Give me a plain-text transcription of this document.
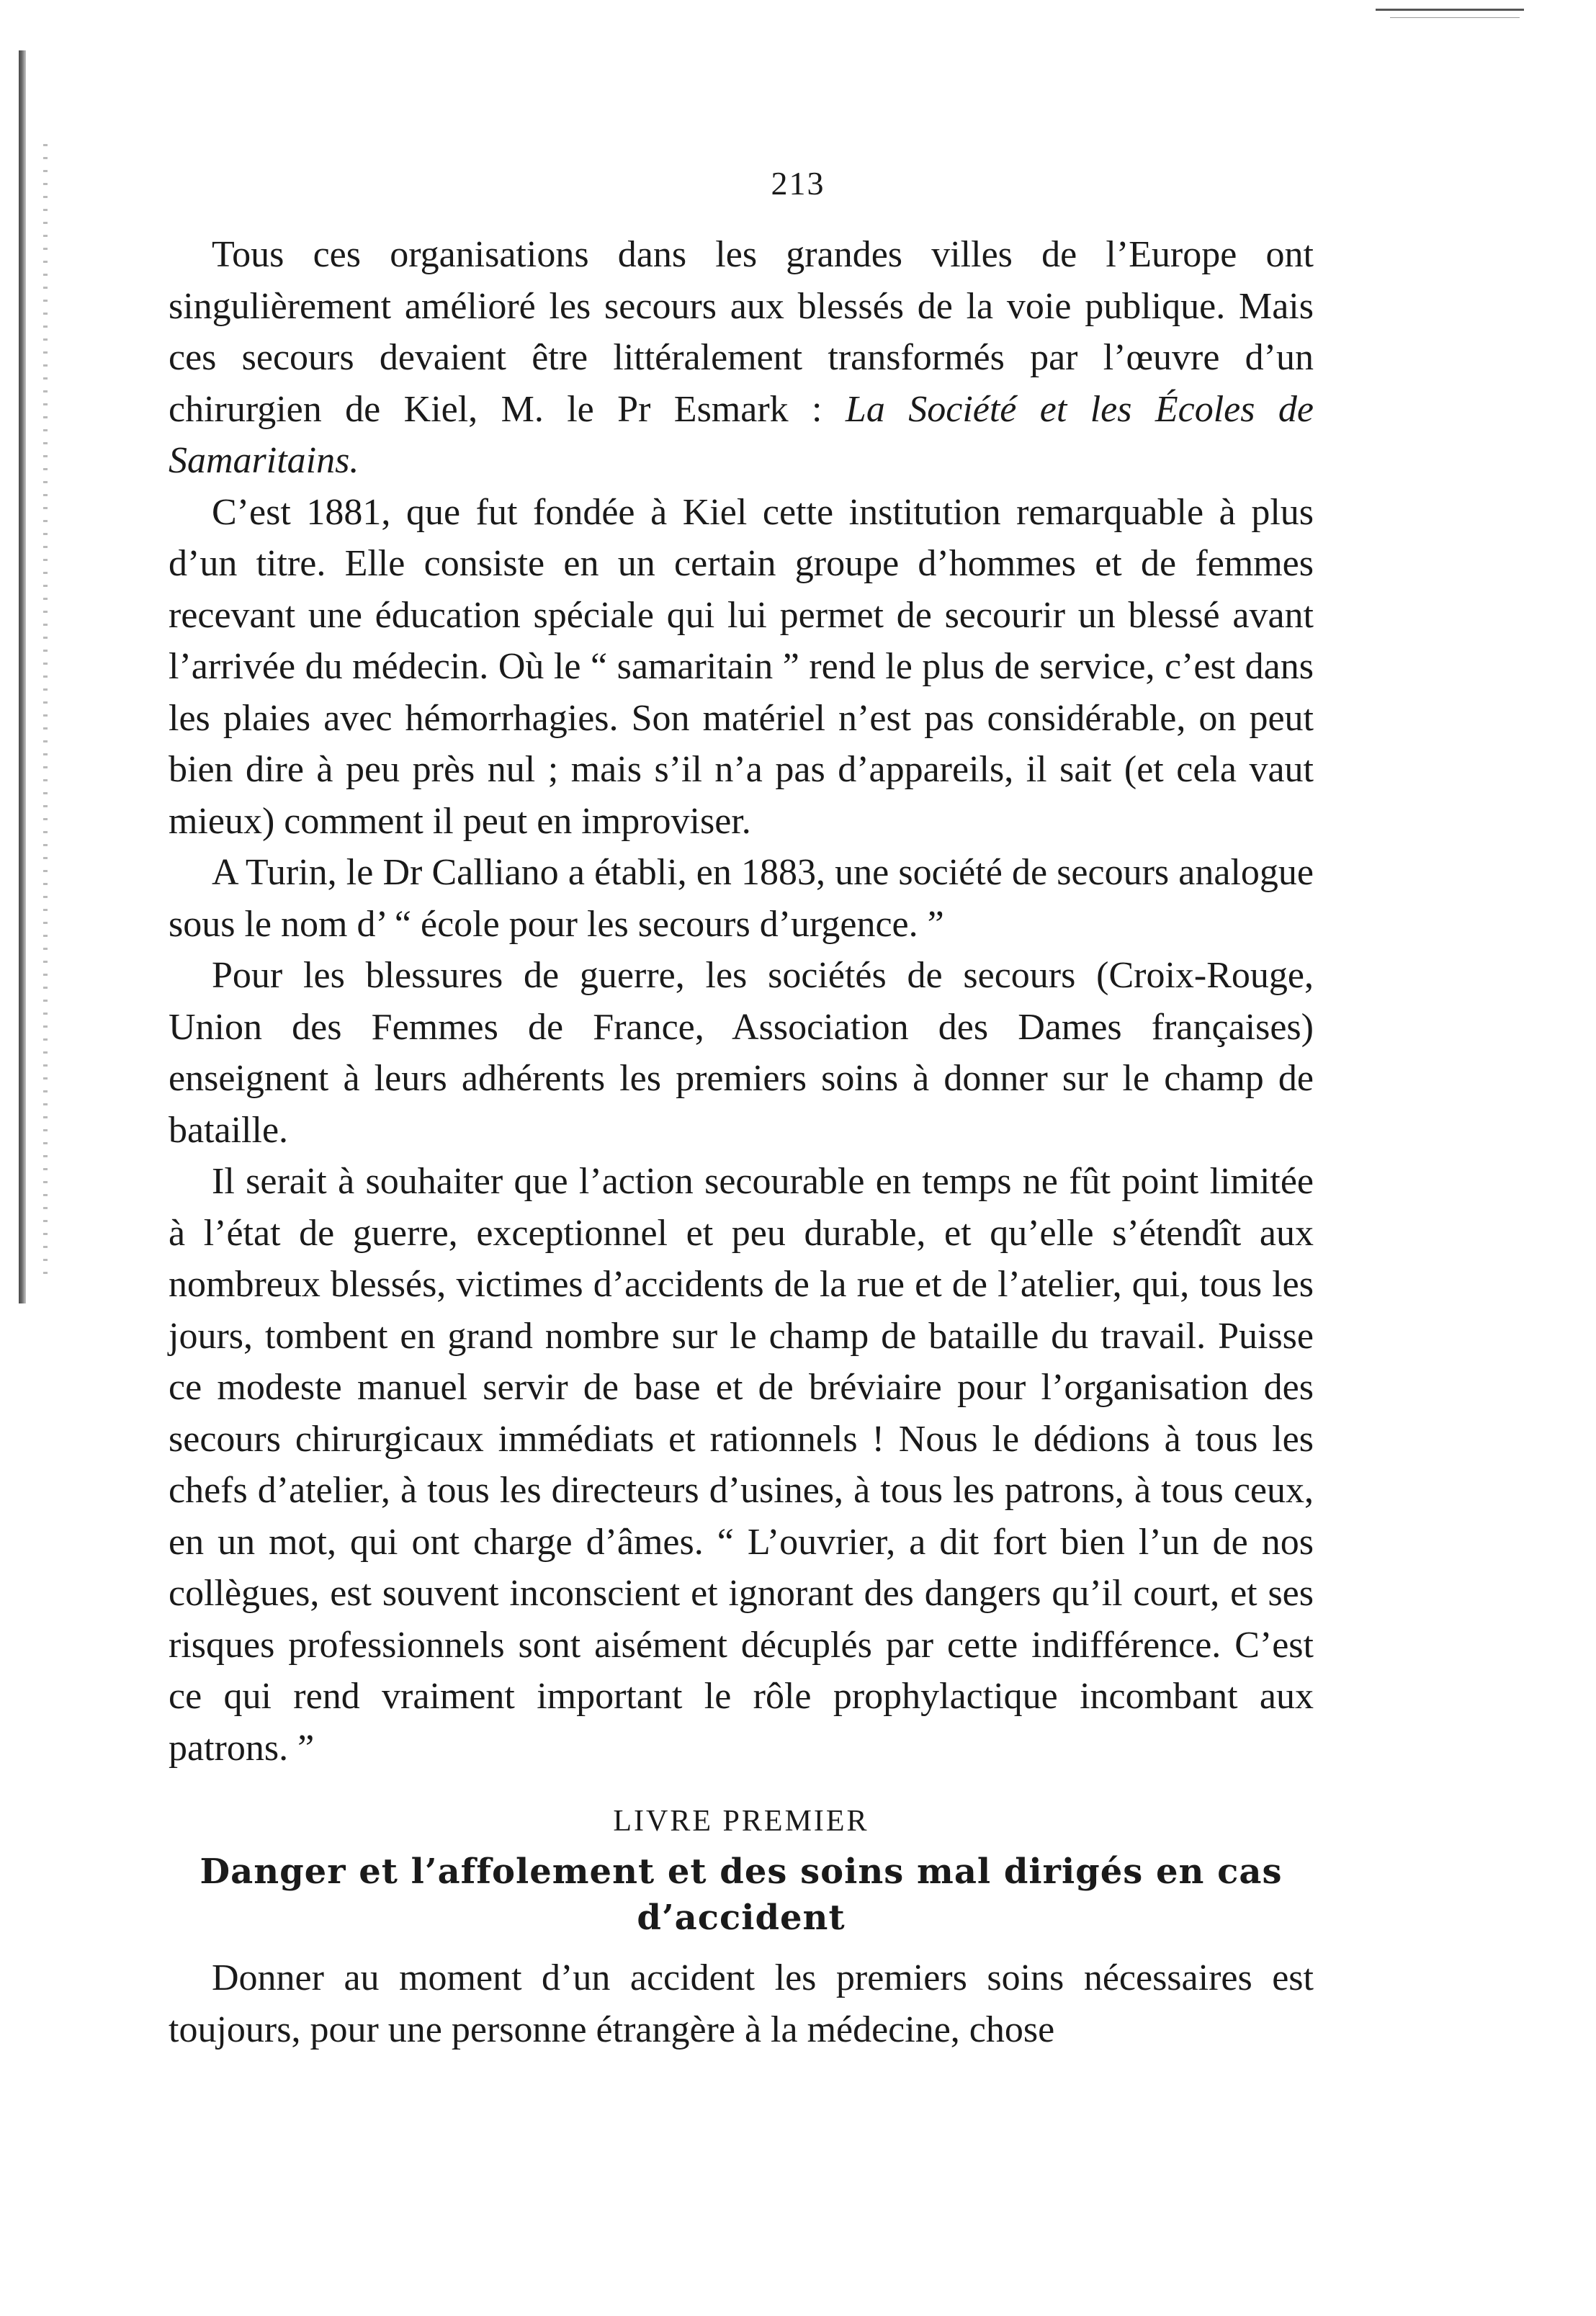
213

Tous ces organisations dans les grandes villes de l’Europe ont singulièrement amélioré les secours aux blessés de la voie publique. Mais ces secours devaient être littéralement transformés par l’œuvre d’un chirurgien de Kiel, M. le Pr Esmark : La Société et les Écoles de Samaritains.

C’est 1881, que fut fondée à Kiel cette institution remarquable à plus d’un titre. Elle consiste en un certain groupe d’hommes et de femmes recevant une éducation spéciale qui lui permet de secourir un blessé avant l’arrivée du médecin. Où le “ samaritain ” rend le plus de service, c’est dans les plaies avec hémorrhagies. Son matériel n’est pas considérable, on peut bien dire à peu près nul ; mais s’il n’a pas d’appareils, il sait (et cela vaut mieux) comment il peut en improviser.

A Turin, le Dr Calliano a établi, en 1883, une société de secours analogue sous le nom d’ “ école pour les secours d’urgence. ”

Pour les blessures de guerre, les sociétés de secours (Croix-Rouge, Union des Femmes de France, Association des Dames françaises) enseignent à leurs adhérents les premiers soins à donner sur le champ de bataille.

Il serait à souhaiter que l’action secourable en temps ne fût point limitée à l’état de guerre, exceptionnel et peu durable, et qu’elle s’étendît aux nombreux blessés, victimes d’accidents de la rue et de l’atelier, qui, tous les jours, tombent en grand nombre sur le champ de bataille du travail. Puisse ce modeste manuel servir de base et de bréviaire pour l’organisation des secours chirurgicaux immédiats et rationnels ! Nous le dédions à tous les chefs d’atelier, à tous les directeurs d’usines, à tous les patrons, à tous ceux, en un mot, qui ont charge d’âmes. “ L’ouvrier, a dit fort bien l’un de nos collègues, est souvent inconscient et ignorant des dangers qu’il court, et ses risques professionnels sont aisément décuplés par cette indifférence. C’est ce qui rend vraiment important le rôle prophylactique incombant aux patrons. ”

LIVRE PREMIER

Danger et l’affolement et des soins mal dirigés en cas d’accident

Donner au moment d’un accident les premiers soins nécessaires est toujours, pour une personne étrangère à la médecine, chose
